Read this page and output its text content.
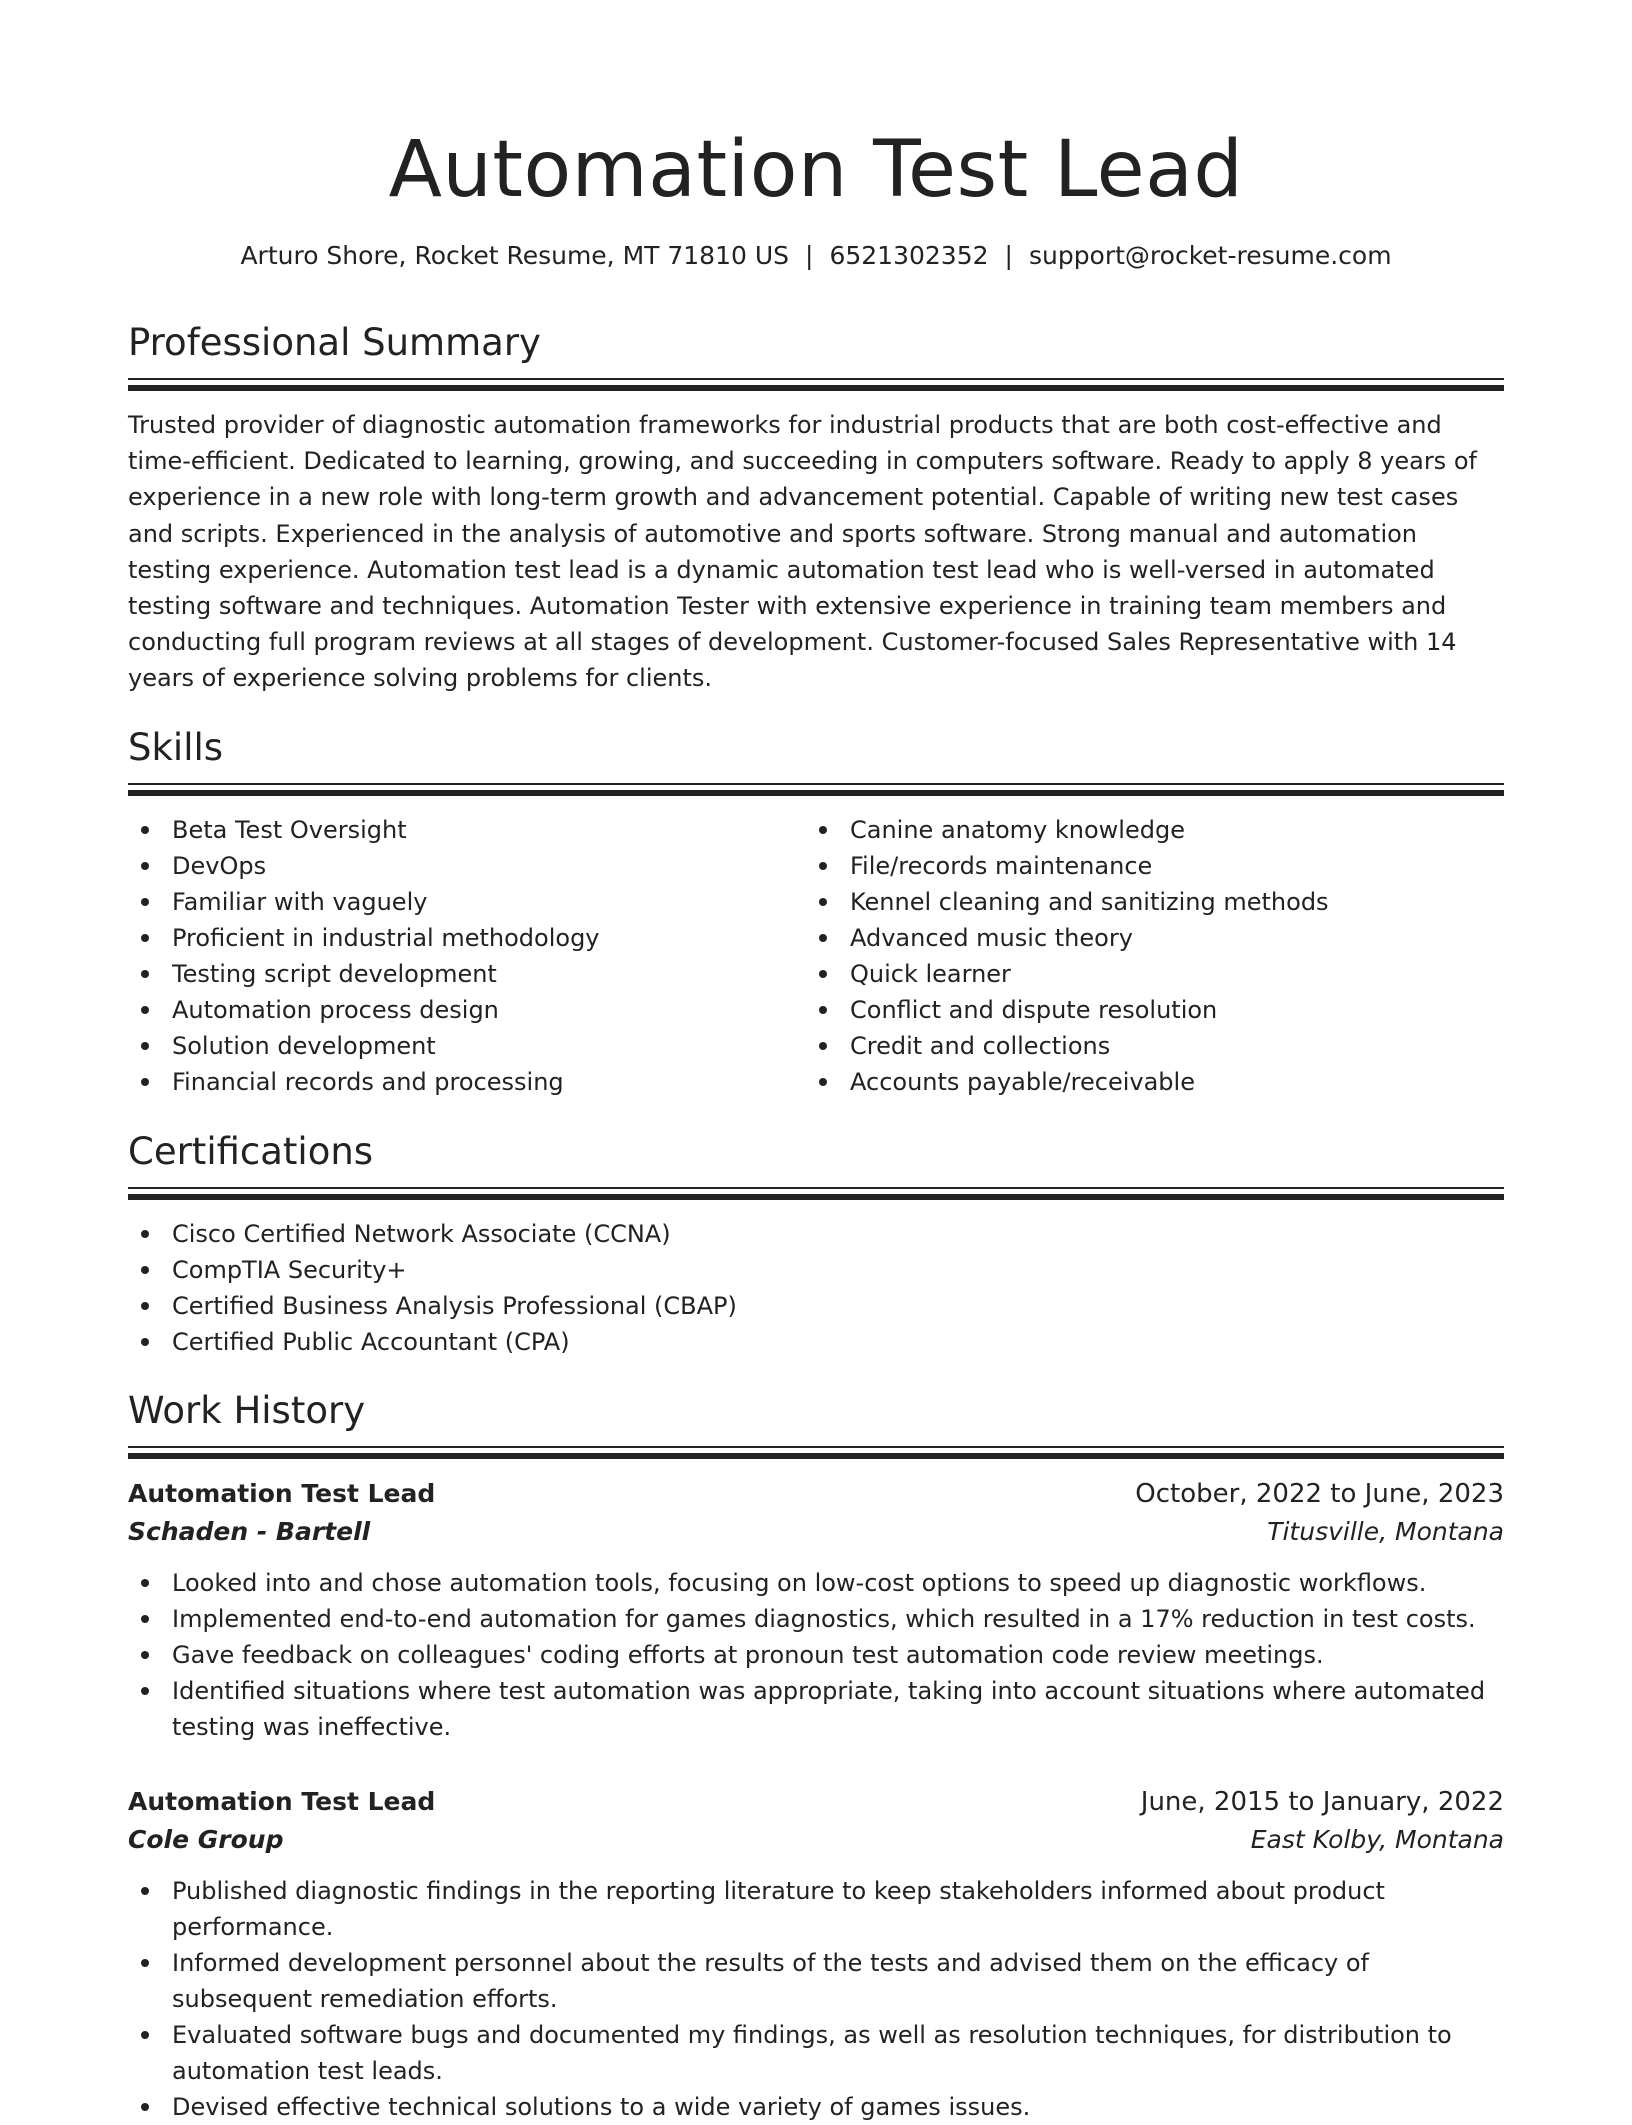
Automation Test Lead
Arturo Shore, Rocket Resume, MT 71810 US | 6521302352 | support@rocket-resume.com
Professional Summary

Trusted provider of diagnostic automation frameworks for industrial products that are both cost-effective and time-efficient. Dedicated to learning, growing, and succeeding in computers software. Ready to apply 8 years of experience in a new role with long-term growth and advancement potential. Capable of writing new test cases and scripts. Experienced in the analysis of automotive and sports software. Strong manual and automation testing experience. Automation test lead is a dynamic automation test lead who is well-versed in automated testing software and techniques. Automation Tester with extensive experience in training team members and conducting full program reviews at all stages of development. Customer-focused Sales Representative with 14 years of experience solving problems for clients.

Skills
Beta Test Oversight
DevOps
Familiar with vaguely
Proficient in industrial methodology
Testing script development
Automation process design
Solution development
Financial records and processing
Canine anatomy knowledge
File/records maintenance
Kennel cleaning and sanitizing methods
Advanced music theory
Quick learner
Conflict and dispute resolution
Credit and collections
Accounts payable/receivable
Certifications
Cisco Certified Network Associate (CCNA)
CompTIA Security+
Certified Business Analysis Professional (CBAP)
Certified Public Accountant (CPA)
Work History
Automation Test Lead	October, 2022 to June, 2023
Schaden - Bartell	Titusville, Montana
Looked into and chose automation tools, focusing on low-cost options to speed up diagnostic workflows.
Implemented end-to-end automation for games diagnostics, which resulted in a 17% reduction in test costs.
Gave feedback on colleagues' coding efforts at pronoun test automation code review meetings.
Identified situations where test automation was appropriate, taking into account situations where automated testing was ineffective.
Automation Test Lead	June, 2015 to January, 2022
Cole Group	East Kolby, Montana
Published diagnostic findings in the reporting literature to keep stakeholders informed about product performance.
Informed development personnel about the results of the tests and advised them on the efficacy of subsequent remediation efforts.
Evaluated software bugs and documented my findings, as well as resolution techniques, for distribution to automation test leads.
Devised effective technical solutions to a wide variety of games issues.
